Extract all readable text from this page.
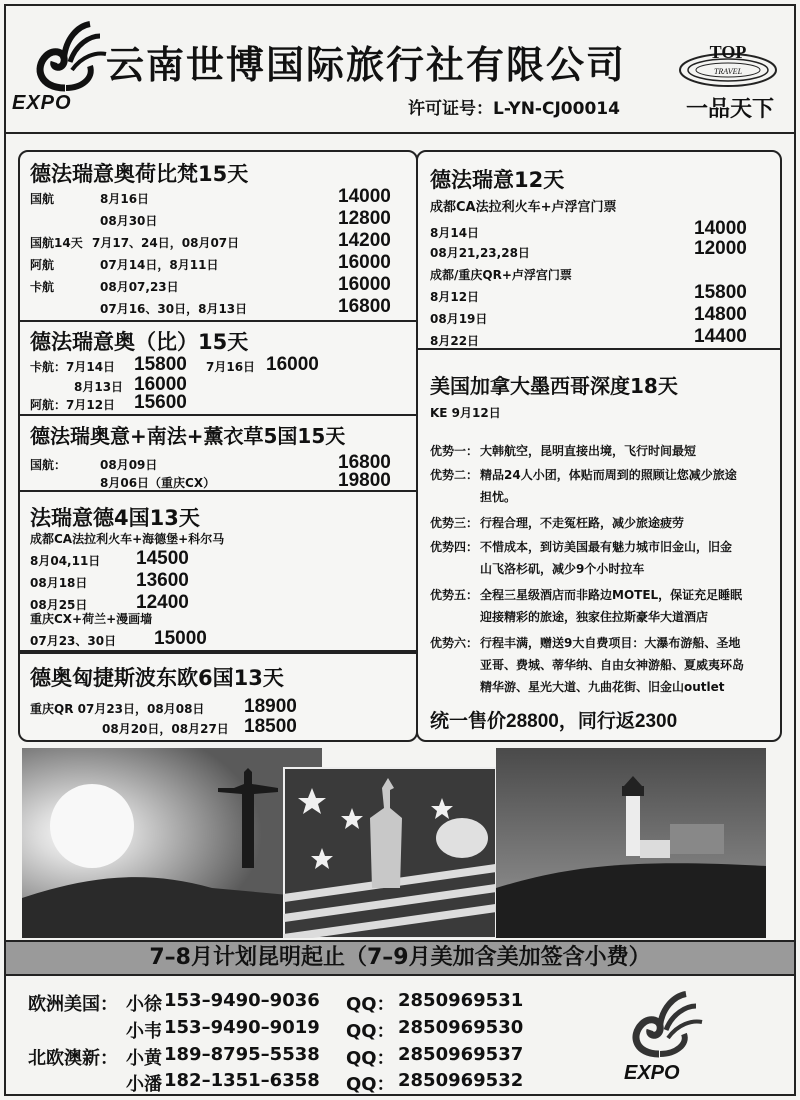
EXPO
云南世博国际旅行社有限公司	TOP
TRAVEL
许可证号：L-YN-CJ00014	一品天下
德法瑞意奥荷比梵15天
国航	8月16日	14000
08月30日	12800
国航14天 7月17、24日，08月07日	14200
阿航	07月14日，8月11日	16000
卡航	08月07,23日	16000
07月16、30日，8月13日	16800
德法瑞意奥（比）15天
卡航：7月14日 15800 7月16日 16000
8月13日 16000
阿航：7月12日 15600
德法瑞奥意+南法+薰衣草5国15天
国航：	08月09日	16800
8月06日（重庆CX）	19800
法瑞意德4国13天
成都CA法拉利火车+海德堡+科尔马
8月04,11日 14500
08月18日	13600
08月25日	12400
重庆CX+荷兰+漫画墙
07月23、30日 15000
德奥匈捷斯波东欧6国13天
重庆QR 07月23日，08月08日 18900
08月20日，08月27日 18500
德法瑞意12天
成都CA法拉利火车+卢浮宫门票
8月14日	14000
08月21,23,28日	12000
成都/重庆QR+卢浮宫门票
8月12日	15800
08月19日	14800
8月22日	14400
美国加拿大墨西哥深度18天
KE 9月12日
优势一： 大韩航空，昆明直接出境，飞行时间最短
优势二： 精品24人小团，体贴而周到的照顾让您减少旅途
担忧。
优势三： 行程合理，不走冤枉路，减少旅途疲劳
优势四： 不惜成本，到访美国最有魅力城市旧金山，旧金
山飞洛杉矶，减少9个小时拉车
优势五： 全程三星级酒店而非路边MOTEL，保证充足睡眠
迎接精彩的旅途，独家住拉斯豪华大道酒店
优势六： 行程丰满，赠送9大自费项目：大瀑布游船、圣地
亚哥、费城、蒂华纳、自由女神游船、夏威夷环岛
精华游、星光大道、九曲花街、旧金山outlet
统一售价28800，同行返2300
7–8月计划昆明起止（7–9月美加含美加签含小费）
欧洲美国： 小徐 153–9490–9036 QQ： 2850969531
小韦 153–9490–9019 QQ： 2850969530
北欧澳新： 小黄 189–8795–5538 QQ： 2850969537
小潘 182–1351–6358 QQ： 2850969532	EXPO
